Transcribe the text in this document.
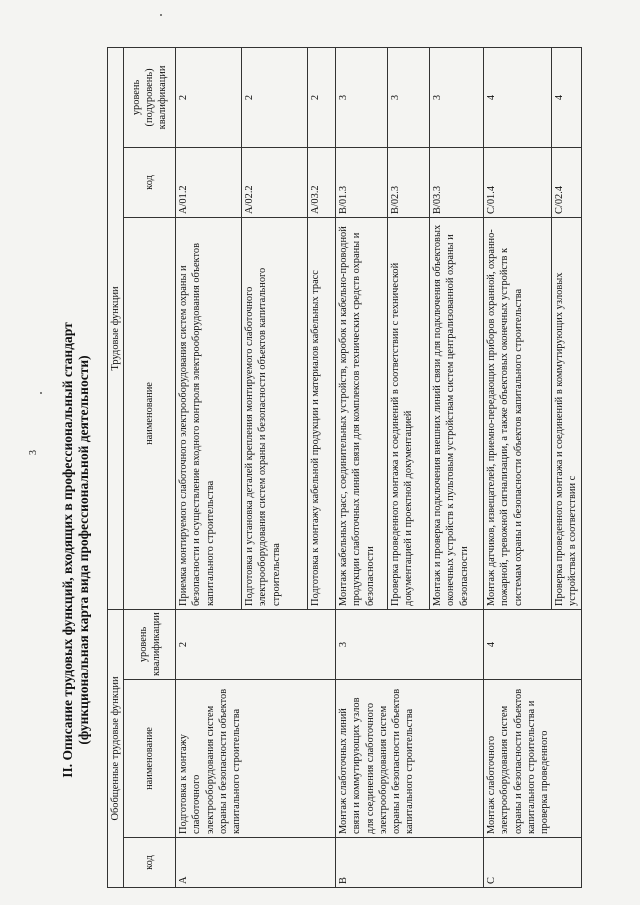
3 II. Описание трудовых функций, входящих в профессиональный стандарт (функциональная карта вида профессиональной деятельности)
Обобщенные трудовые функции			Трудовые функции		
код	наименование	уровень квалификации	наименование	код	уровень (подуровень) квалификации
A	Подготовка к монтажу слаботочного электрооборудования систем охраны и безопасности объектов капитального строительства	2	Приемка монтируемого слаботочного электрооборудования систем охраны и безопасности и осуществление входного контроля электрооборудования объектов капитального строительства	A/01.2	2
			Подготовка и установка деталей крепления монтируемого слаботочного электрооборудования систем охраны и безопасности объектов капитального строительства	A/02.2	2
			Подготовка к монтажу кабельной продукции и материалов кабельных трасс	A/03.2	2
B	Монтаж слаботочных линий связи и коммутирующих узлов для соединения слаботочного электрооборудования систем охраны и безопасности объектов капитального строительства	3	Монтаж кабельных трасс, соединительных устройств, коробок и кабельно-проводной продукции слаботочных линий связи для комплексов технических средств охраны и безопасности	B/01.3	3
			Проверка проведенного монтажа и соединений в соответствии с технической документацией и проектной документацией	B/02.3	3
			Монтаж и проверка подключения внешних линий связи для подключения объектовых оконечных устройств к пультовым устройствам систем централизованной охраны и безопасности	B/03.3	3
C	Монтаж слаботочного электрооборудования систем охраны и безопасности объектов капитального строительства и проверка проведенного	4	Монтаж датчиков, извещателей, приемно-передающих приборов охранной, охранно-пожарной, тревожной сигнализации, а также объектовых оконечных устройств к системам охраны и безопасности объектов капитального строительства	C/01.4	4
			Проверка проведенного монтажа и соединений в коммутирующих узловых устройствах в соответствии с	C/02.4	4
